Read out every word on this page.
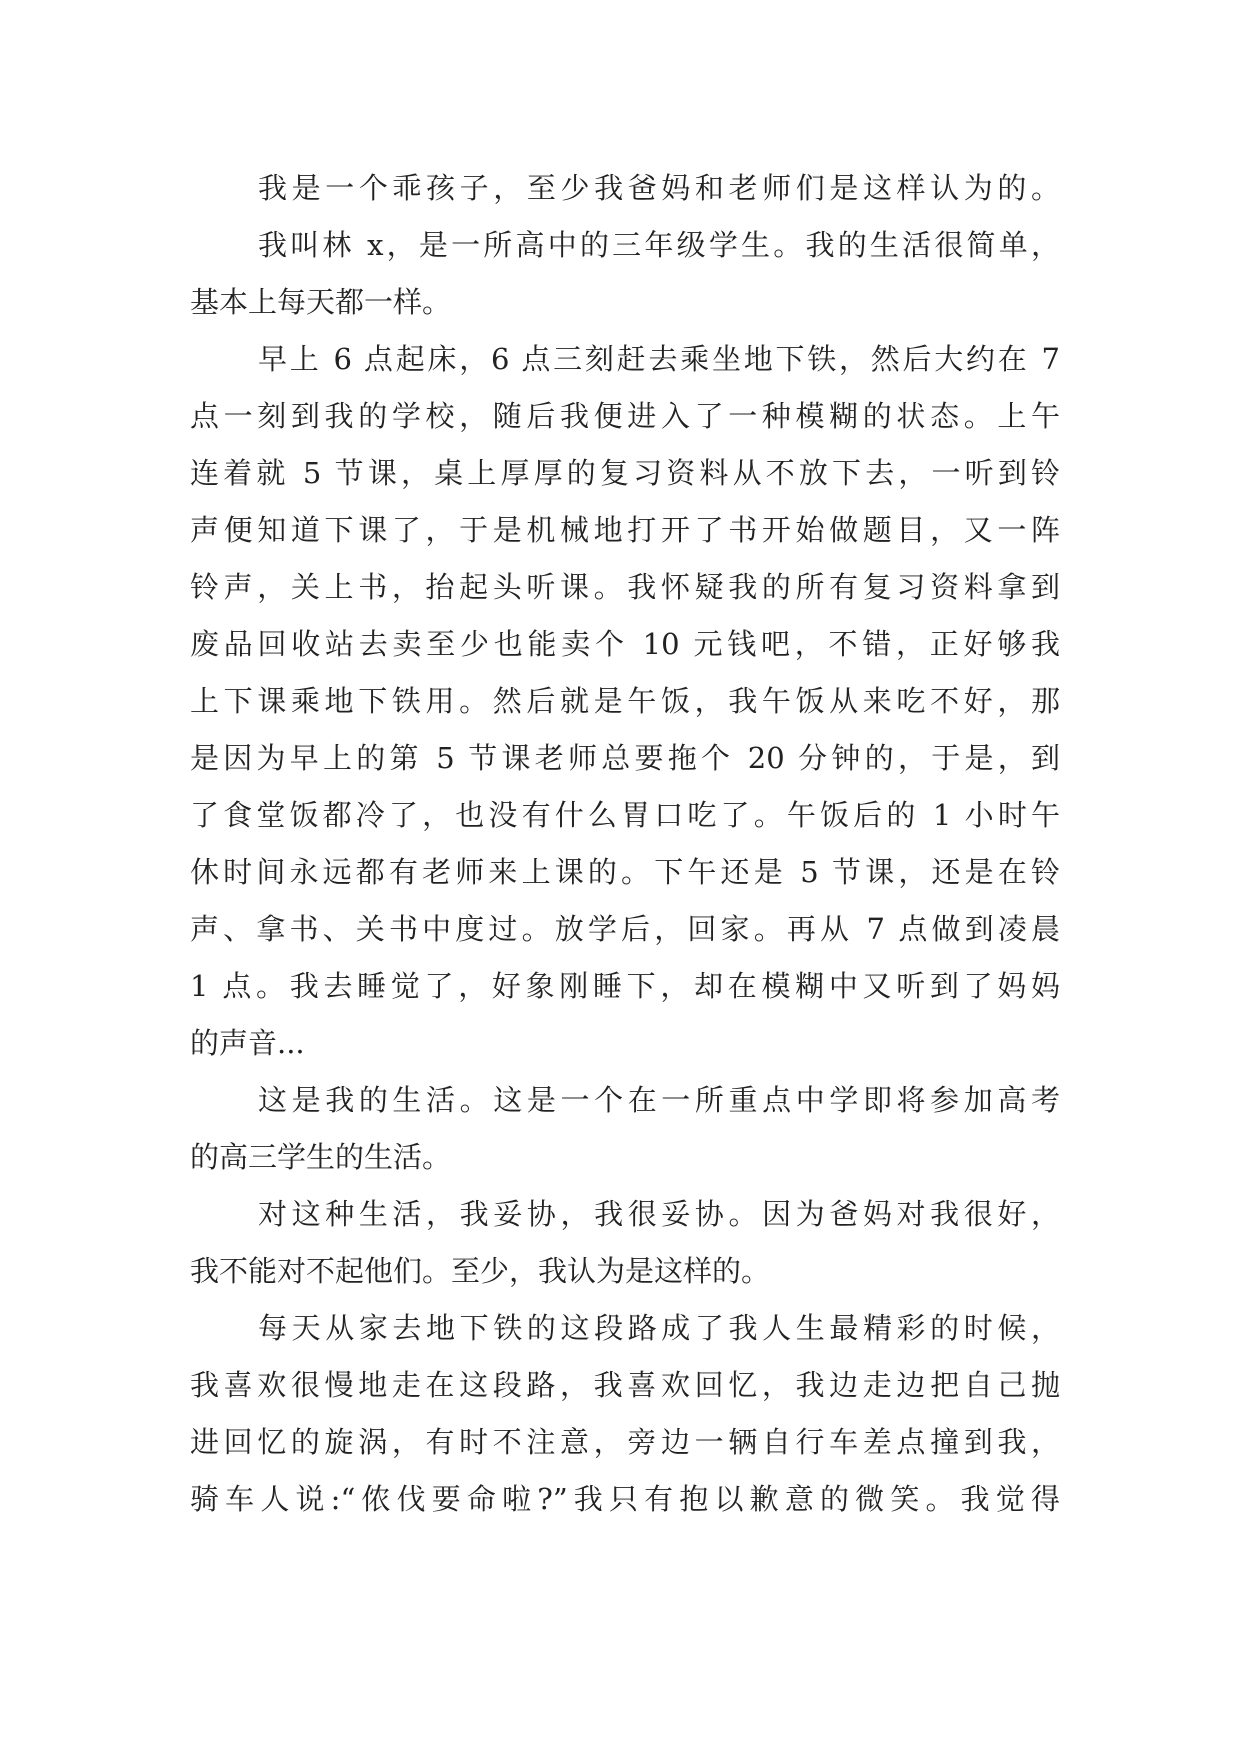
我是一个乖孩子，至少我爸妈和老师们是这样认为的。
我叫林 x，是一所高中的三年级学生。我的生活很简单，
基本上每天都一样。
早上 6 点起床，6 点三刻赶去乘坐地下铁，然后大约在 7
点一刻到我的学校，随后我便进入了一种模糊的状态。上午
连着就 5 节课，桌上厚厚的复习资料从不放下去，一听到铃
声便知道下课了，于是机械地打开了书开始做题目，又一阵
铃声，关上书，抬起头听课。我怀疑我的所有复习资料拿到
废品回收站去卖至少也能卖个 10 元钱吧，不错，正好够我
上下课乘地下铁用。然后就是午饭，我午饭从来吃不好，那
是因为早上的第 5 节课老师总要拖个 20 分钟的，于是，到
了食堂饭都冷了，也没有什么胃口吃了。午饭后的 1 小时午
休时间永远都有老师来上课的。下午还是 5 节课，还是在铃
声、拿书、关书中度过。放学后，回家。再从 7 点做到凌晨
1 点。我去睡觉了，好象刚睡下，却在模糊中又听到了妈妈
的声音...
这是我的生活。这是一个在一所重点中学即将参加高考
的高三学生的生活。
对这种生活，我妥协，我很妥协。因为爸妈对我很好，
我不能对不起他们。至少，我认为是这样的。
每天从家去地下铁的这段路成了我人生最精彩的时候，
我喜欢很慢地走在这段路，我喜欢回忆，我边走边把自己抛
进回忆的旋涡，有时不注意，旁边一辆自行车差点撞到我，
骑车人说:“侬伐要命啦?”我只有抱以歉意的微笑。我觉得
